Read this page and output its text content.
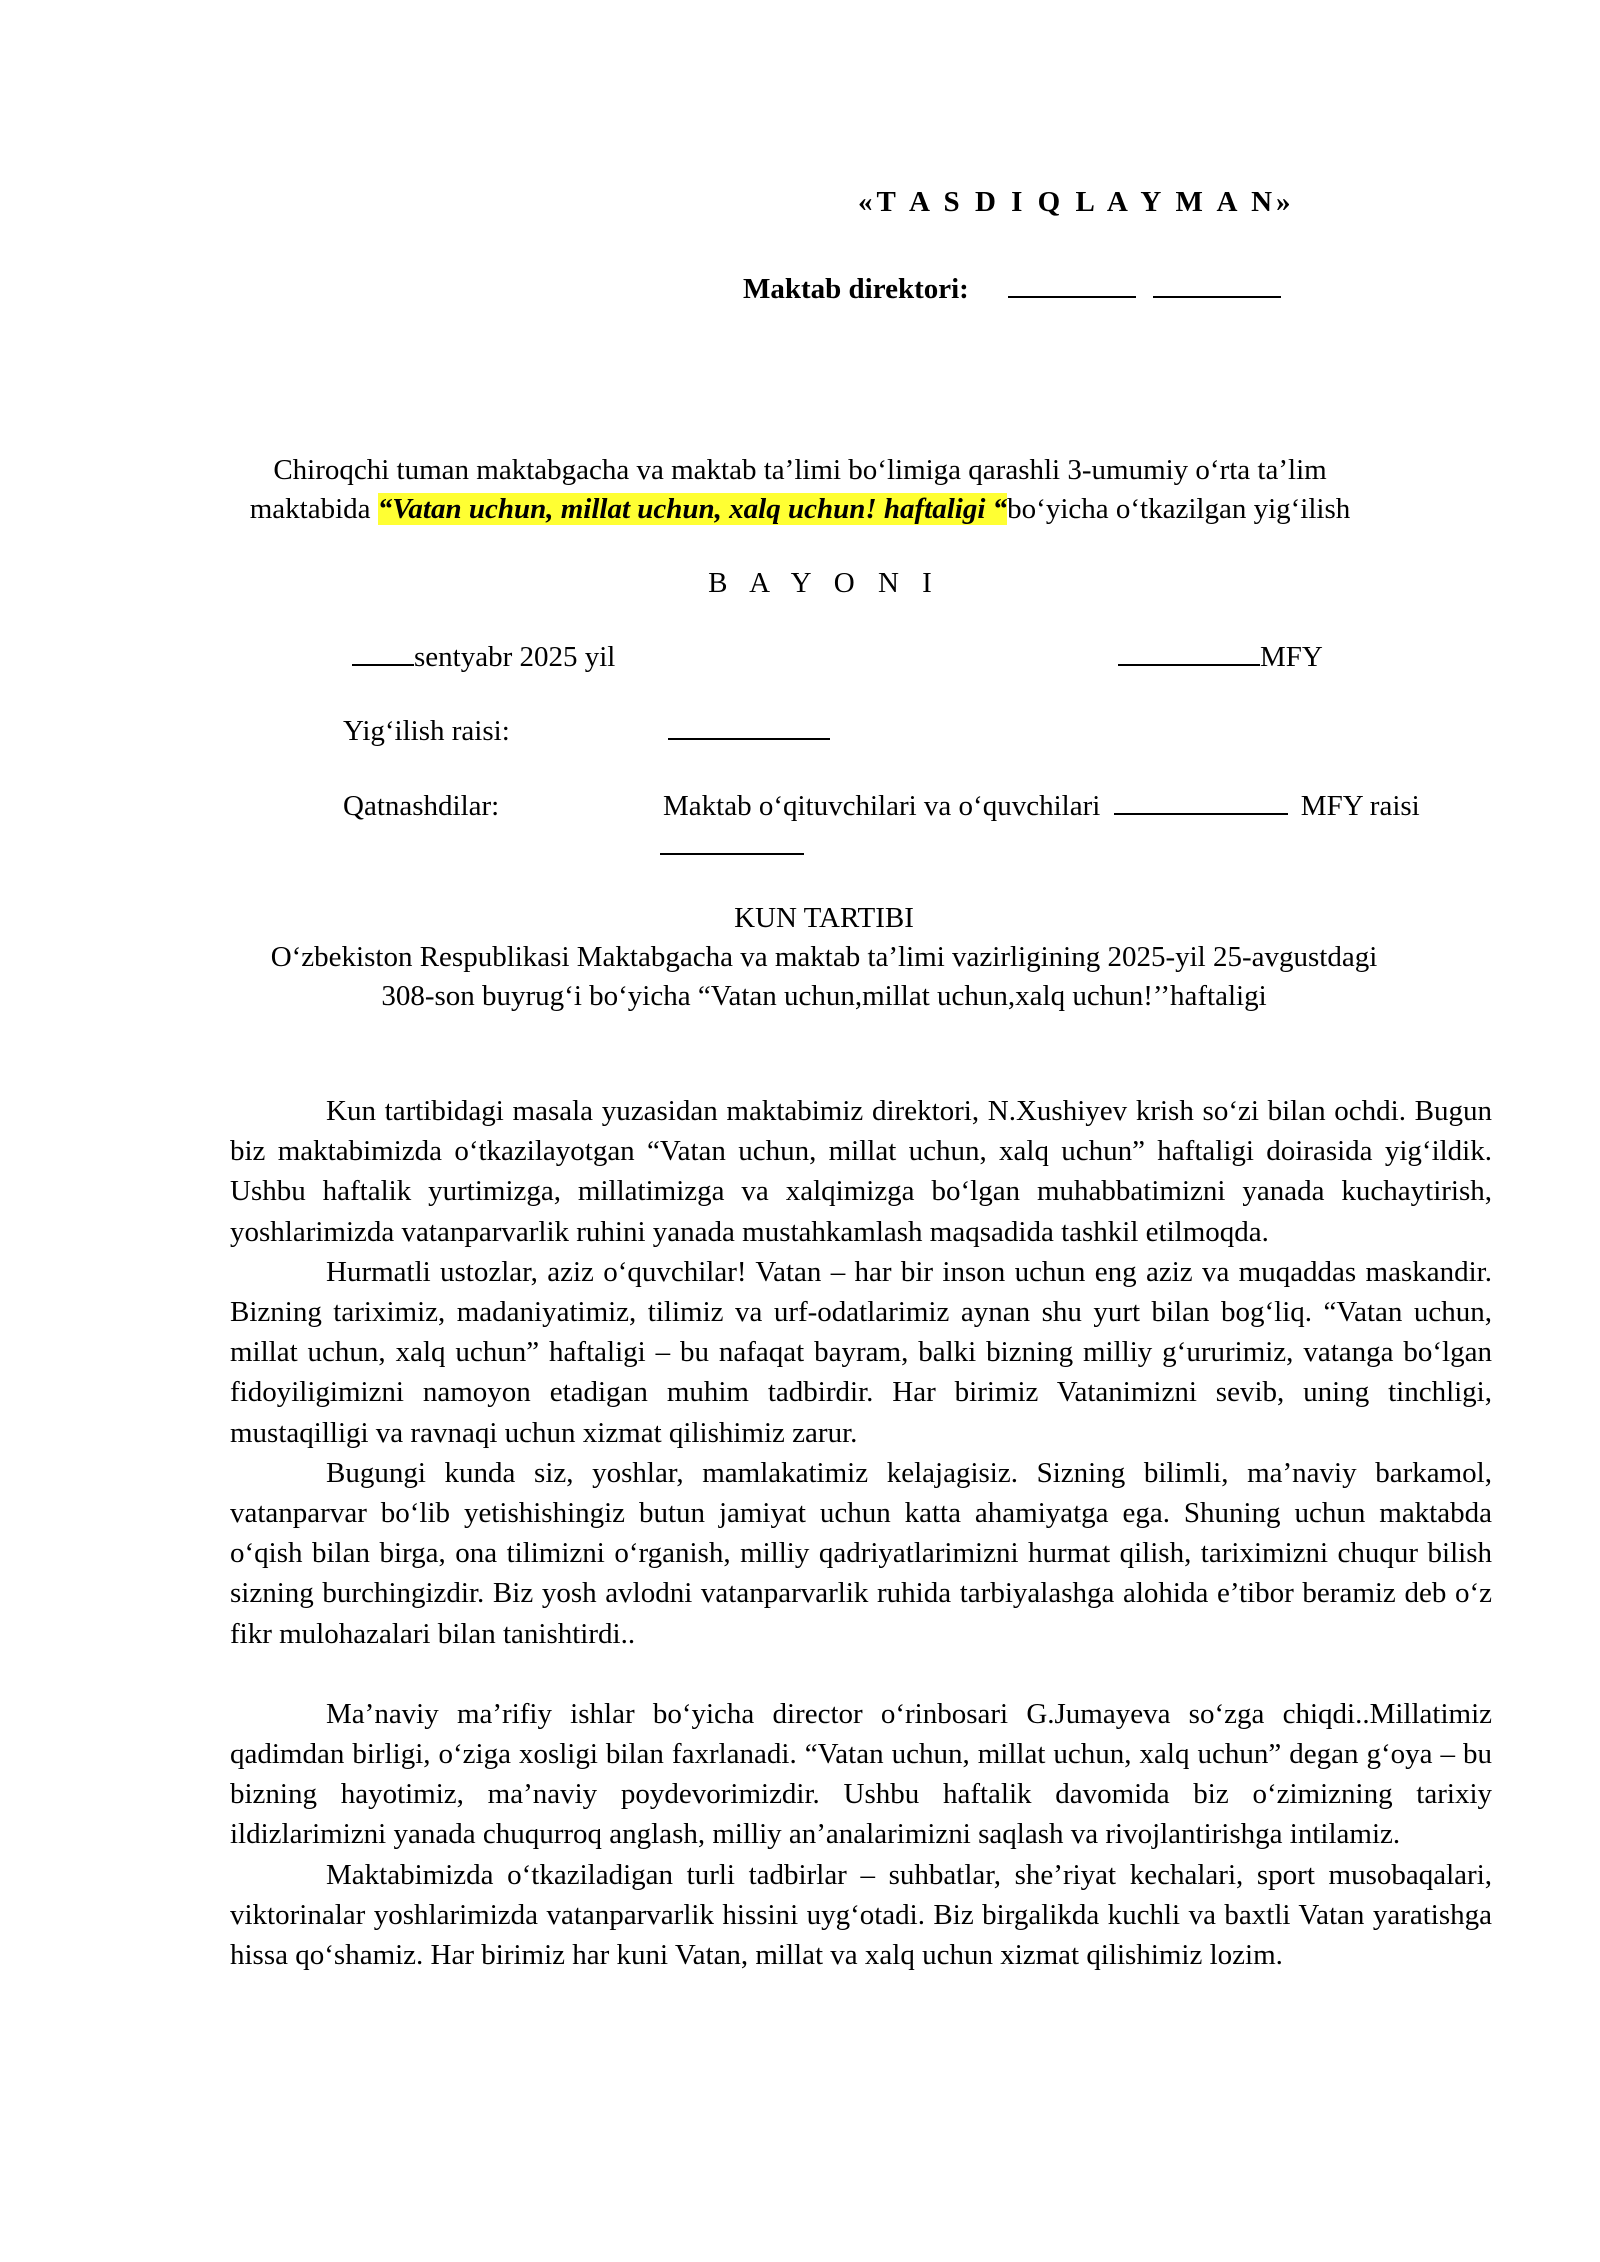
«T A S D I Q L A Y M A N»
Maktab direktori:
Chiroqchi tuman maktabgacha va maktab ta’limi bo‘limiga qarashli 3-umumiy o‘rta ta’lim
maktabida “Vatan uchun, millat uchun, xalq uchun! haftaligi “bo‘yicha o‘tkazilgan yig‘ilish
B A Y O N I
sentyabr 2025 yil	MFY
Yig‘ilish raisi:
Qatnashdilar:	Maktab o‘qituvchilari va o‘quvchilari	MFY raisi
KUN TARTIBI
O‘zbekiston Respublikasi Maktabgacha va maktab ta’limi vazirligining 2025-yil 25-avgustdagi
308-son buyrug‘i bo‘yicha “Vatan uchun,millat uchun,xalq uchun!’’haftaligi

Kun tartibidagi masala yuzasidan maktabimiz direktori, N.Xushiyev krish so‘zi bilan ochdi. Bugun biz maktabimizda o‘tkazilayotgan “Vatan uchun, millat uchun, xalq uchun” haftaligi doirasida yig‘ildik. Ushbu haftalik yurtimizga, millatimizga va xalqimizga bo‘lgan muhabbatimizni yanada kuchaytirish, yoshlarimizda vatanparvarlik ruhini yanada mustahkamlash maqsadida tashkil etilmoqda.

Hurmatli ustozlar, aziz o‘quvchilar! Vatan – har bir inson uchun eng aziz va muqaddas maskandir. Bizning tariximiz, madaniyatimiz, tilimiz va urf-odatlarimiz aynan shu yurt bilan bog‘liq. “Vatan uchun, millat uchun, xalq uchun” haftaligi – bu nafaqat bayram, balki bizning milliy g‘ururimiz, vatanga bo‘lgan fidoyiligimizni namoyon etadigan muhim tadbirdir. Har birimiz Vatanimizni sevib, uning tinchligi, mustaqilligi va ravnaqi uchun xizmat qilishimiz zarur.

Bugungi kunda siz, yoshlar, mamlakatimiz kelajagisiz. Sizning bilimli, ma’naviy barkamol, vatanparvar bo‘lib yetishishingiz butun jamiyat uchun katta ahamiyatga ega. Shuning uchun maktabda o‘qish bilan birga, ona tilimizni o‘rganish, milliy qadriyatlarimizni hurmat qilish, tariximizni chuqur bilish sizning burchingizdir. Biz yosh avlodni vatanparvarlik ruhida tarbiyalashga alohida e’tibor beramiz deb o‘z fikr mulohazalari bilan tanishtirdi..

Ma’naviy ma’rifiy ishlar bo‘yicha director o‘rinbosari G.Jumayeva so‘zga chiqdi..Millatimiz qadimdan birligi, o‘ziga xosligi bilan faxrlanadi. “Vatan uchun, millat uchun, xalq uchun” degan g‘oya – bu bizning hayotimiz, ma’naviy poydevorimizdir. Ushbu haftalik davomida biz o‘zimizning tarixiy ildizlarimizni yanada chuqurroq anglash, milliy an’analarimizni saqlash va rivojlantirishga intilamiz.

Maktabimizda o‘tkaziladigan turli tadbirlar – suhbatlar, she’riyat kechalari, sport musobaqalari, viktorinalar yoshlarimizda vatanparvarlik hissini uyg‘otadi. Biz birgalikda kuchli va baxtli Vatan yaratishga hissa qo‘shamiz. Har birimiz har kuni Vatan, millat va xalq uchun xizmat qilishimiz lozim.
